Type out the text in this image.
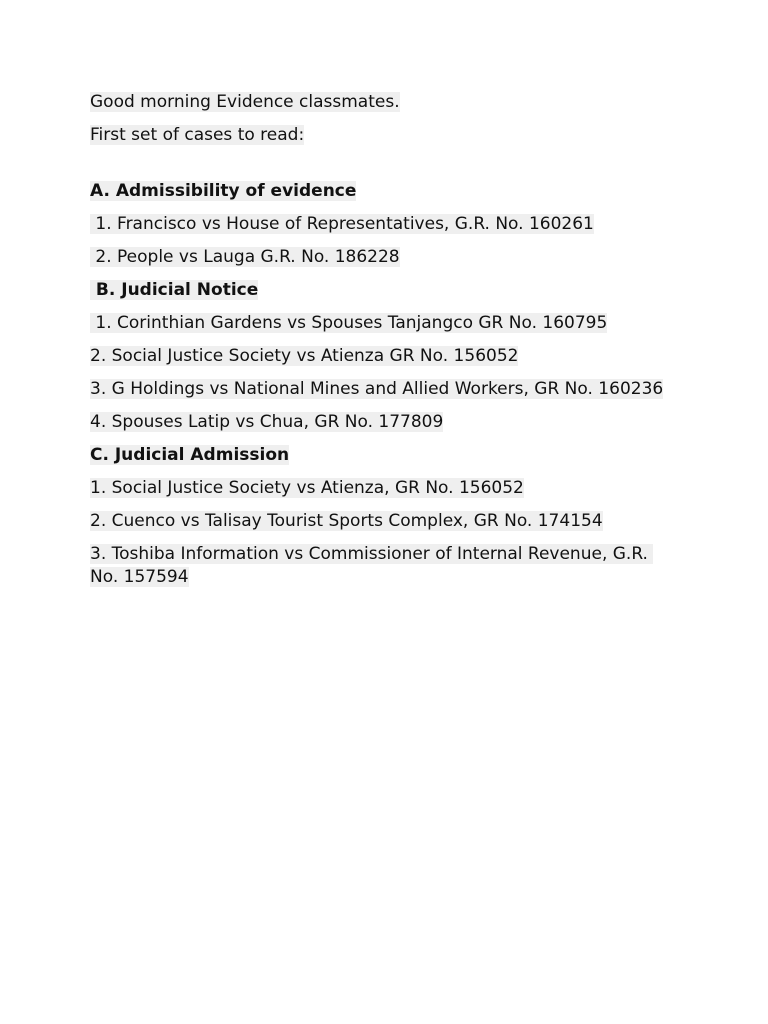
Good morning Evidence classmates.

First set of cases to read:

A. Admissibility of evidence

1. Francisco vs House of Representatives, G.R. No. 160261

2. People vs Lauga G.R. No. 186228

B. Judicial Notice

1. Corinthian Gardens vs Spouses Tanjangco GR No. 160795

2. Social Justice Society vs Atienza GR No. 156052

3. G Holdings vs National Mines and Allied Workers, GR No. 160236

4. Spouses Latip vs Chua, GR No. 177809

C. Judicial Admission

1. Social Justice Society vs Atienza, GR No. 156052

2. Cuenco vs Talisay Tourist Sports Complex, GR No. 174154

3. Toshiba Information vs Commissioner of Internal Revenue, G.R. No. 157594
